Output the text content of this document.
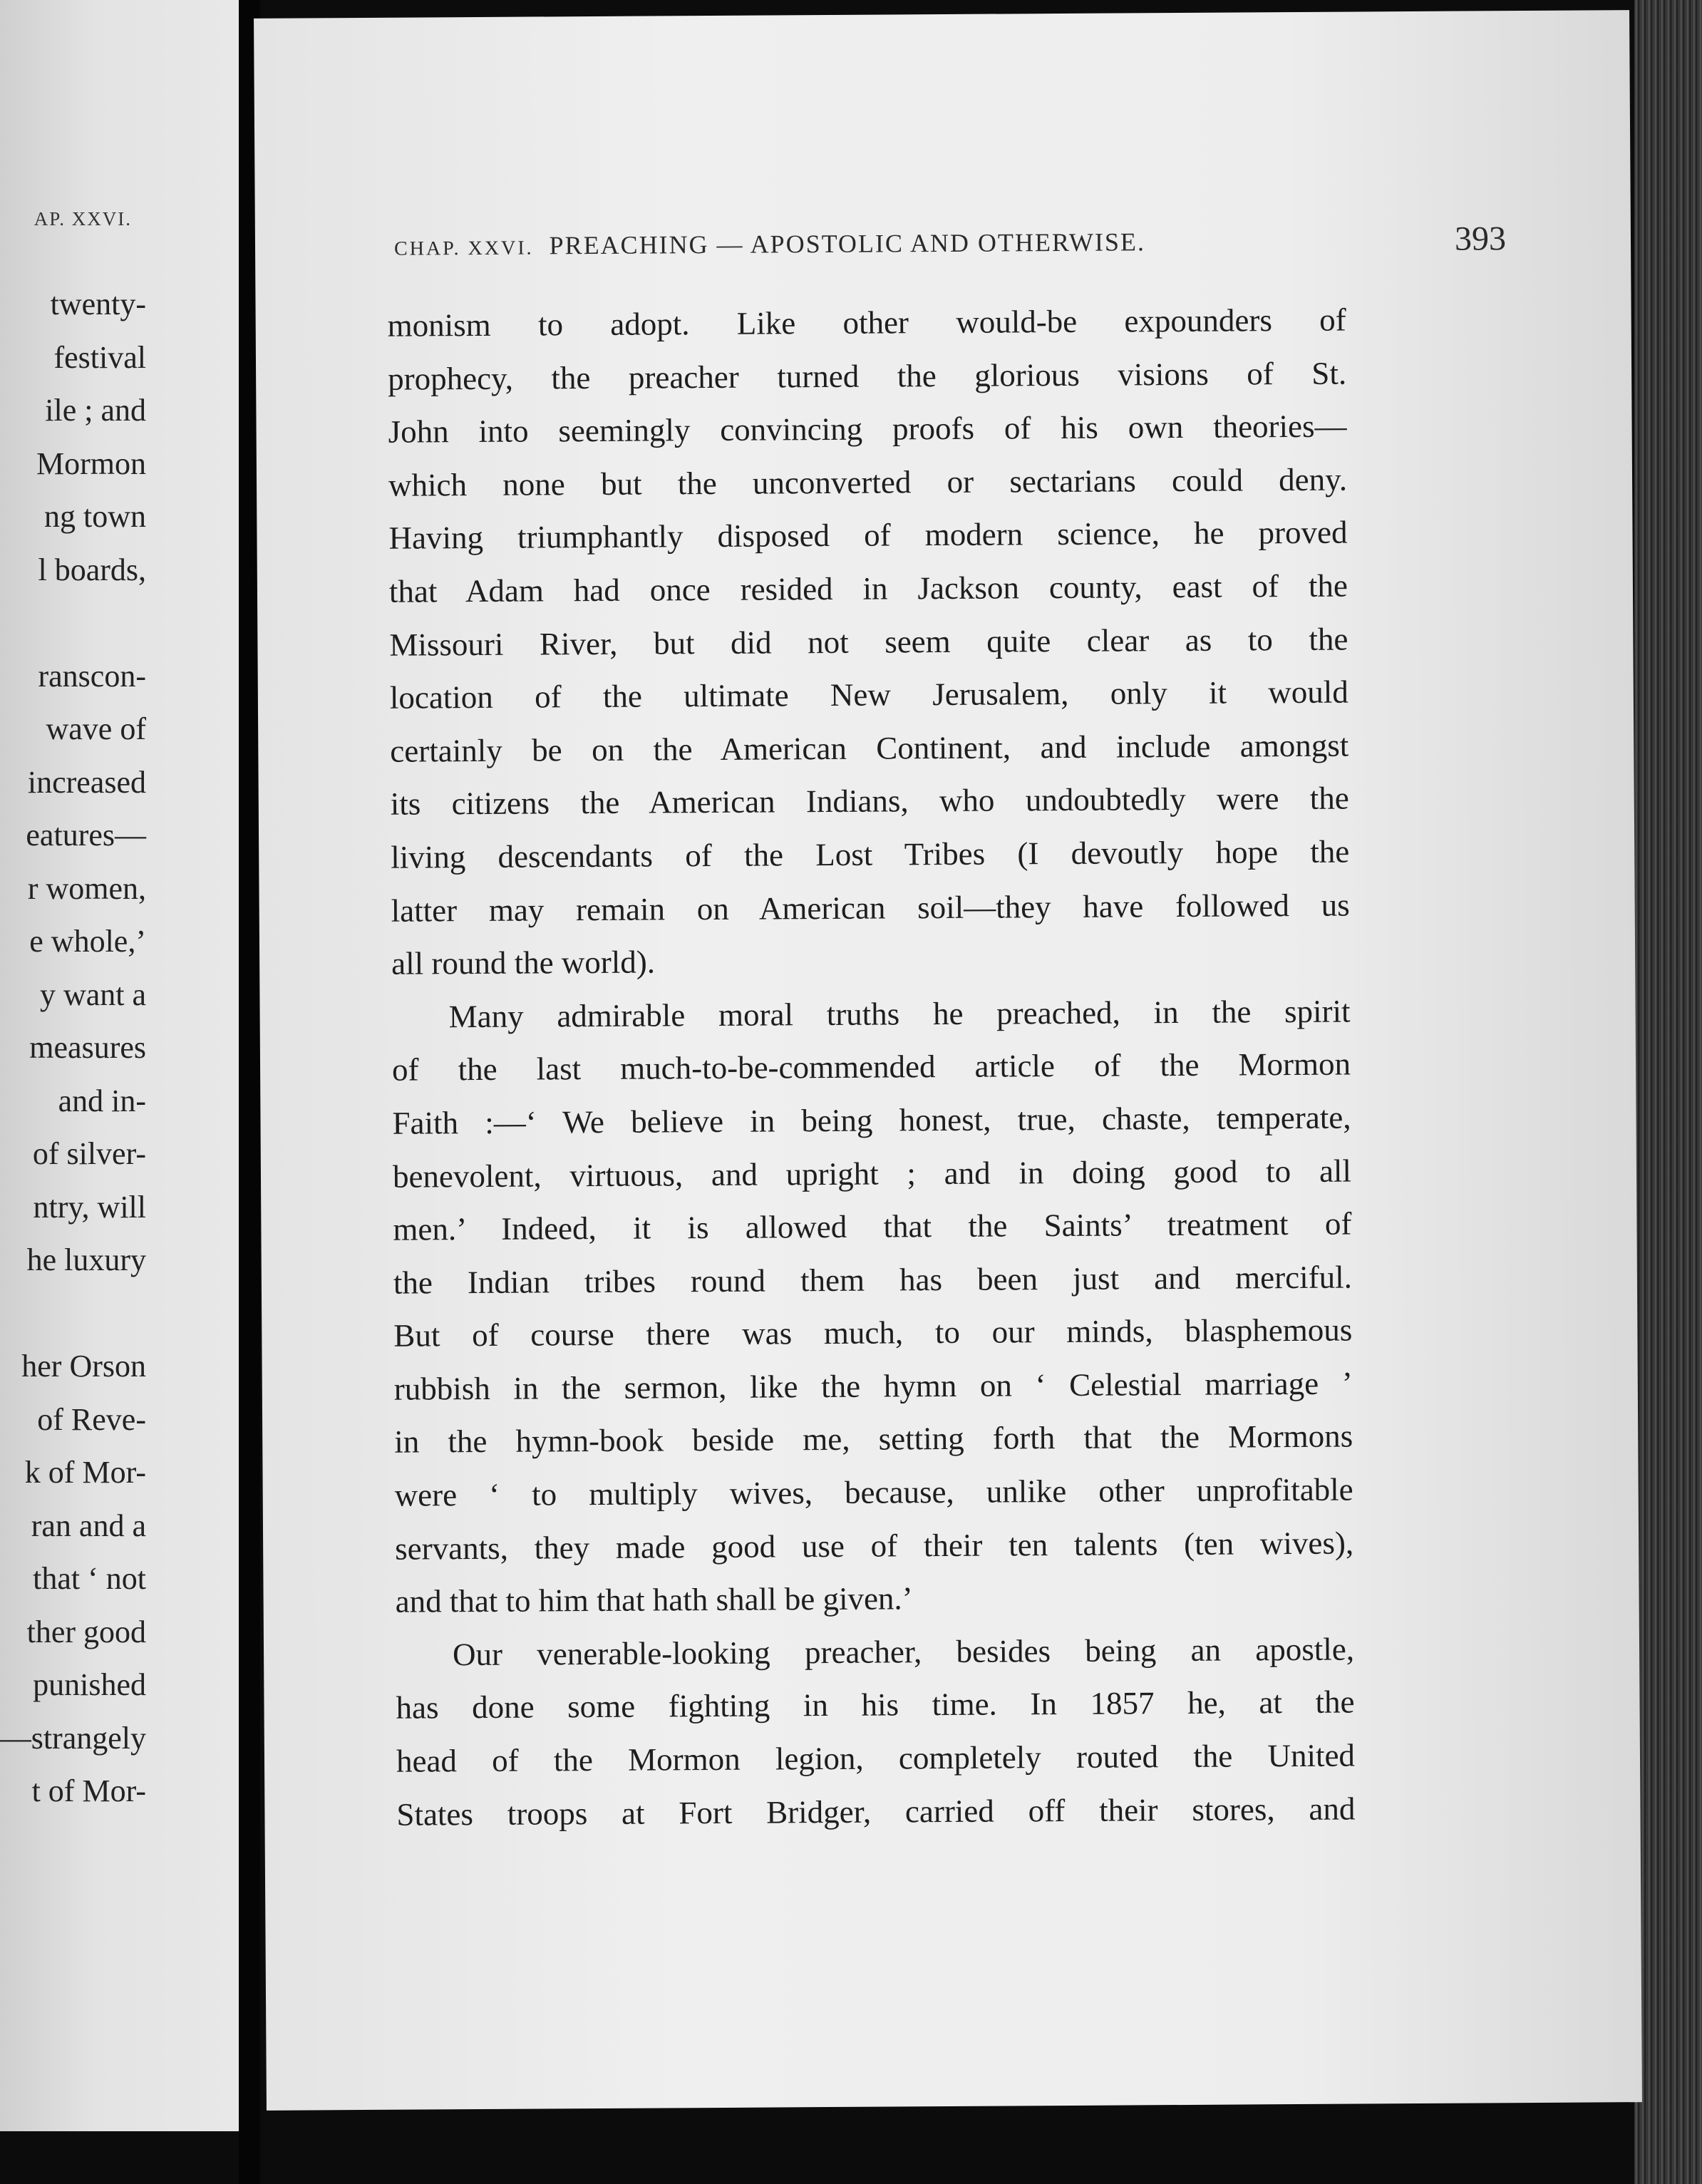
AP. XXVI.
twenty-
festival
ile ; and
Mormon
ng town
l boards,
ranscon-
wave of
increased
eatures—
r women,
e whole,’
y want a
measures
and in-
of silver-
ntry, will
he luxury
her Orson
of Reve-
k of Mor-
ran and a
that ‘ not
ther good
punished
—strangely
t of Mor-
CHAP. XXVI. PREACHING — APOSTOLIC AND OTHERWISE.	393
monism to adopt. Like other would-be expounders of
prophecy, the preacher turned the glorious visions of St.
John into seemingly convincing proofs of his own theories—
which none but the unconverted or sectarians could deny.
Having triumphantly disposed of modern science, he proved
that Adam had once resided in Jackson county, east of the
Missouri River, but did not seem quite clear as to the
location of the ultimate New Jerusalem, only it would
certainly be on the American Continent, and include amongst
its citizens the American Indians, who undoubtedly were the
living descendants of the Lost Tribes (I devoutly hope the
latter may remain on American soil—they have followed us
all round the world).
Many admirable moral truths he preached, in the spirit
of the last much-to-be-commended article of the Mormon
Faith :—‘ We believe in being honest, true, chaste, temperate,
benevolent, virtuous, and upright ; and in doing good to all
men.’ Indeed, it is allowed that the Saints’ treatment of
the Indian tribes round them has been just and merciful.
But of course there was much, to our minds, blasphemous
rubbish in the sermon, like the hymn on ‘ Celestial marriage ’
in the hymn-book beside me, setting forth that the Mormons
were ‘ to multiply wives, because, unlike other unprofitable
servants, they made good use of their ten talents (ten wives),
and that to him that hath shall be given.’
Our venerable-looking preacher, besides being an apostle,
has done some fighting in his time. In 1857 he, at the
head of the Mormon legion, completely routed the United
States troops at Fort Bridger, carried off their stores, and
